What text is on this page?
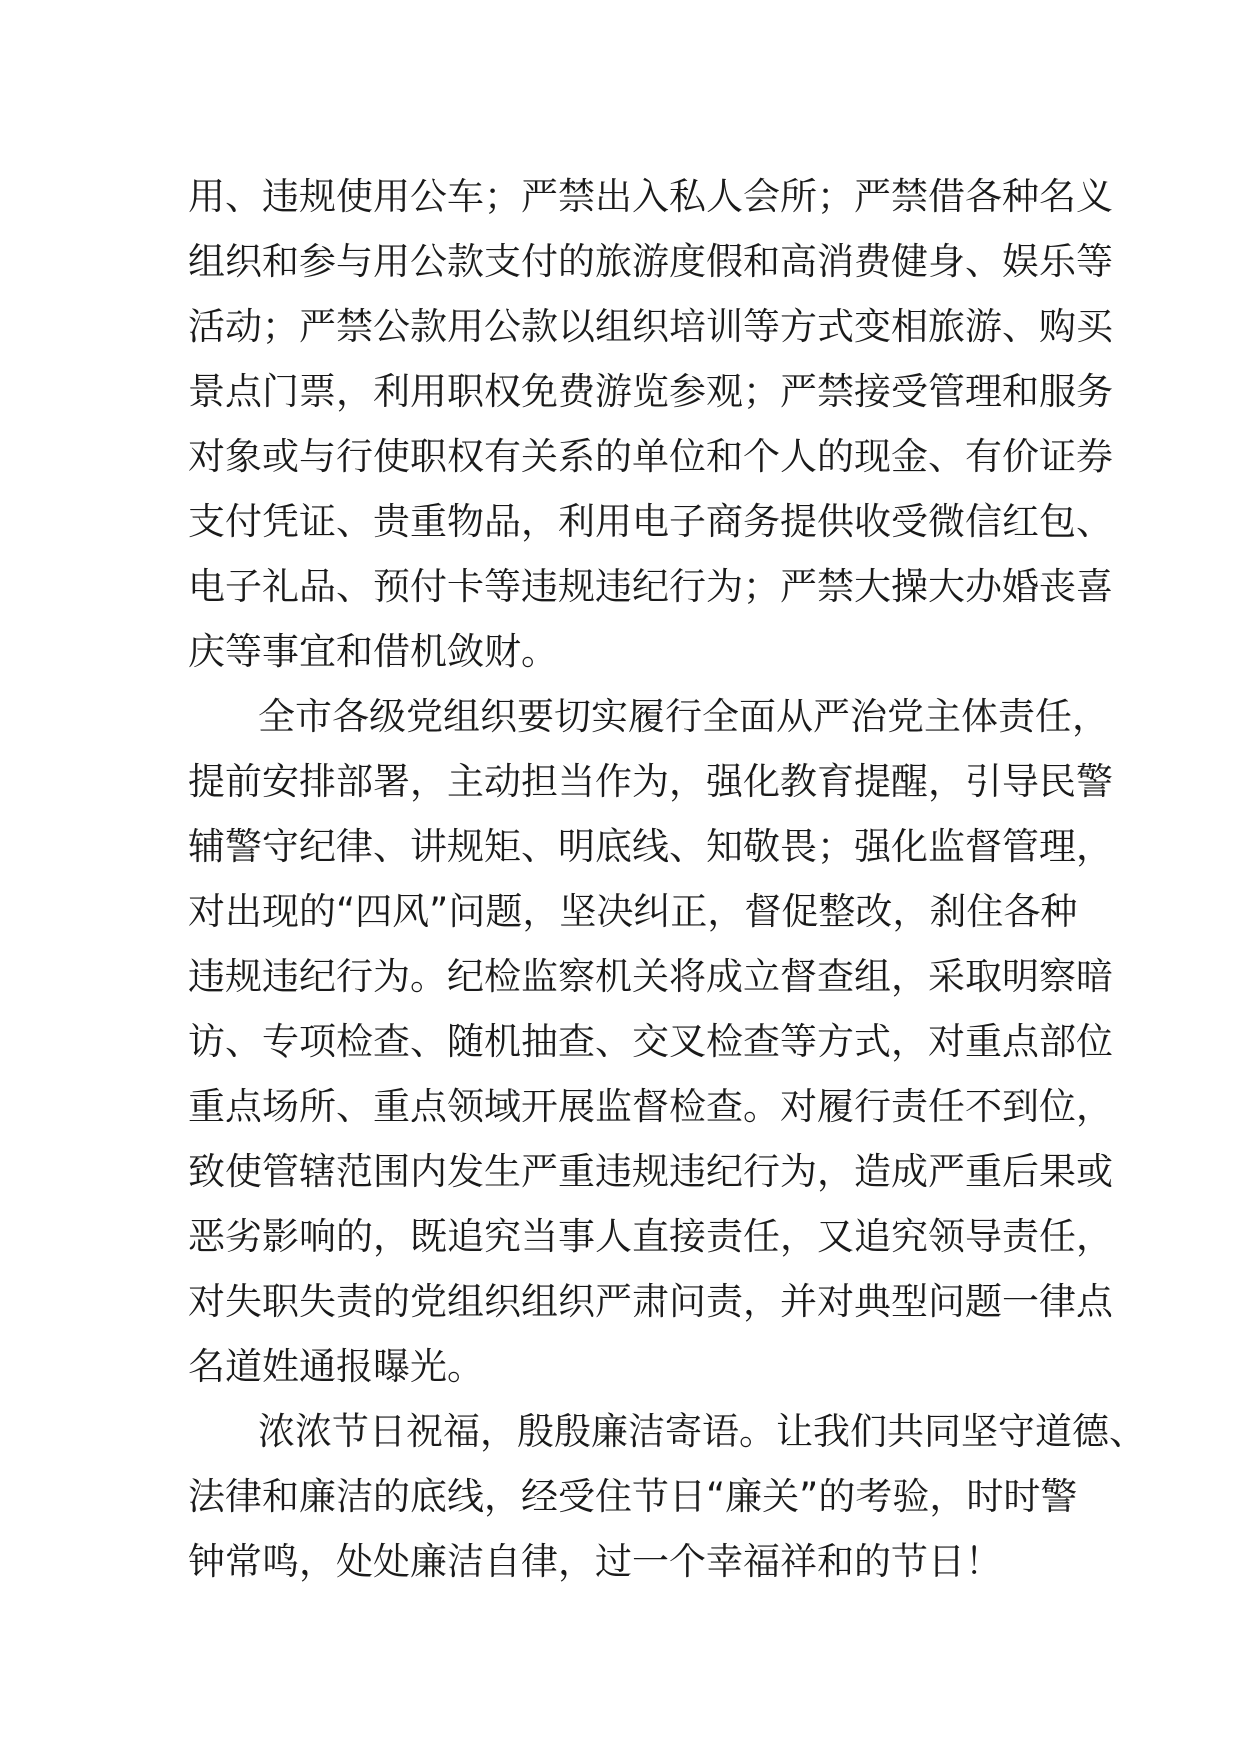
用、违规使用公车；严禁出入私人会所；严禁借各种名义
组织和参与用公款支付的旅游度假和高消费健身、娱乐等
活动；严禁公款用公款以组织培训等方式变相旅游、购买
景点门票，利用职权免费游览参观；严禁接受管理和服务
对象或与行使职权有关系的单位和个人的现金、有价证券
支付凭证、贵重物品，利用电子商务提供收受微信红包、
电子礼品、预付卡等违规违纪行为；严禁大操大办婚丧喜
庆等事宜和借机敛财。
全市各级党组织要切实履行全面从严治党主体责任，
提前安排部署，主动担当作为，强化教育提醒，引导民警
辅警守纪律、讲规矩、明底线、知敬畏；强化监督管理，
对出现的“四风”问题，坚决纠正，督促整改，刹住各种
违规违纪行为。纪检监察机关将成立督查组，采取明察暗
访、专项检查、随机抽查、交叉检查等方式，对重点部位
重点场所、重点领域开展监督检查。对履行责任不到位，
致使管辖范围内发生严重违规违纪行为，造成严重后果或
恶劣影响的，既追究当事人直接责任，又追究领导责任，
对失职失责的党组织组织严肃问责，并对典型问题一律点
名道姓通报曝光。
浓浓节日祝福，殷殷廉洁寄语。让我们共同坚守道德、
法律和廉洁的底线，经受住节日“廉关”的考验，时时警
钟常鸣，处处廉洁自律，过一个幸福祥和的节日！
